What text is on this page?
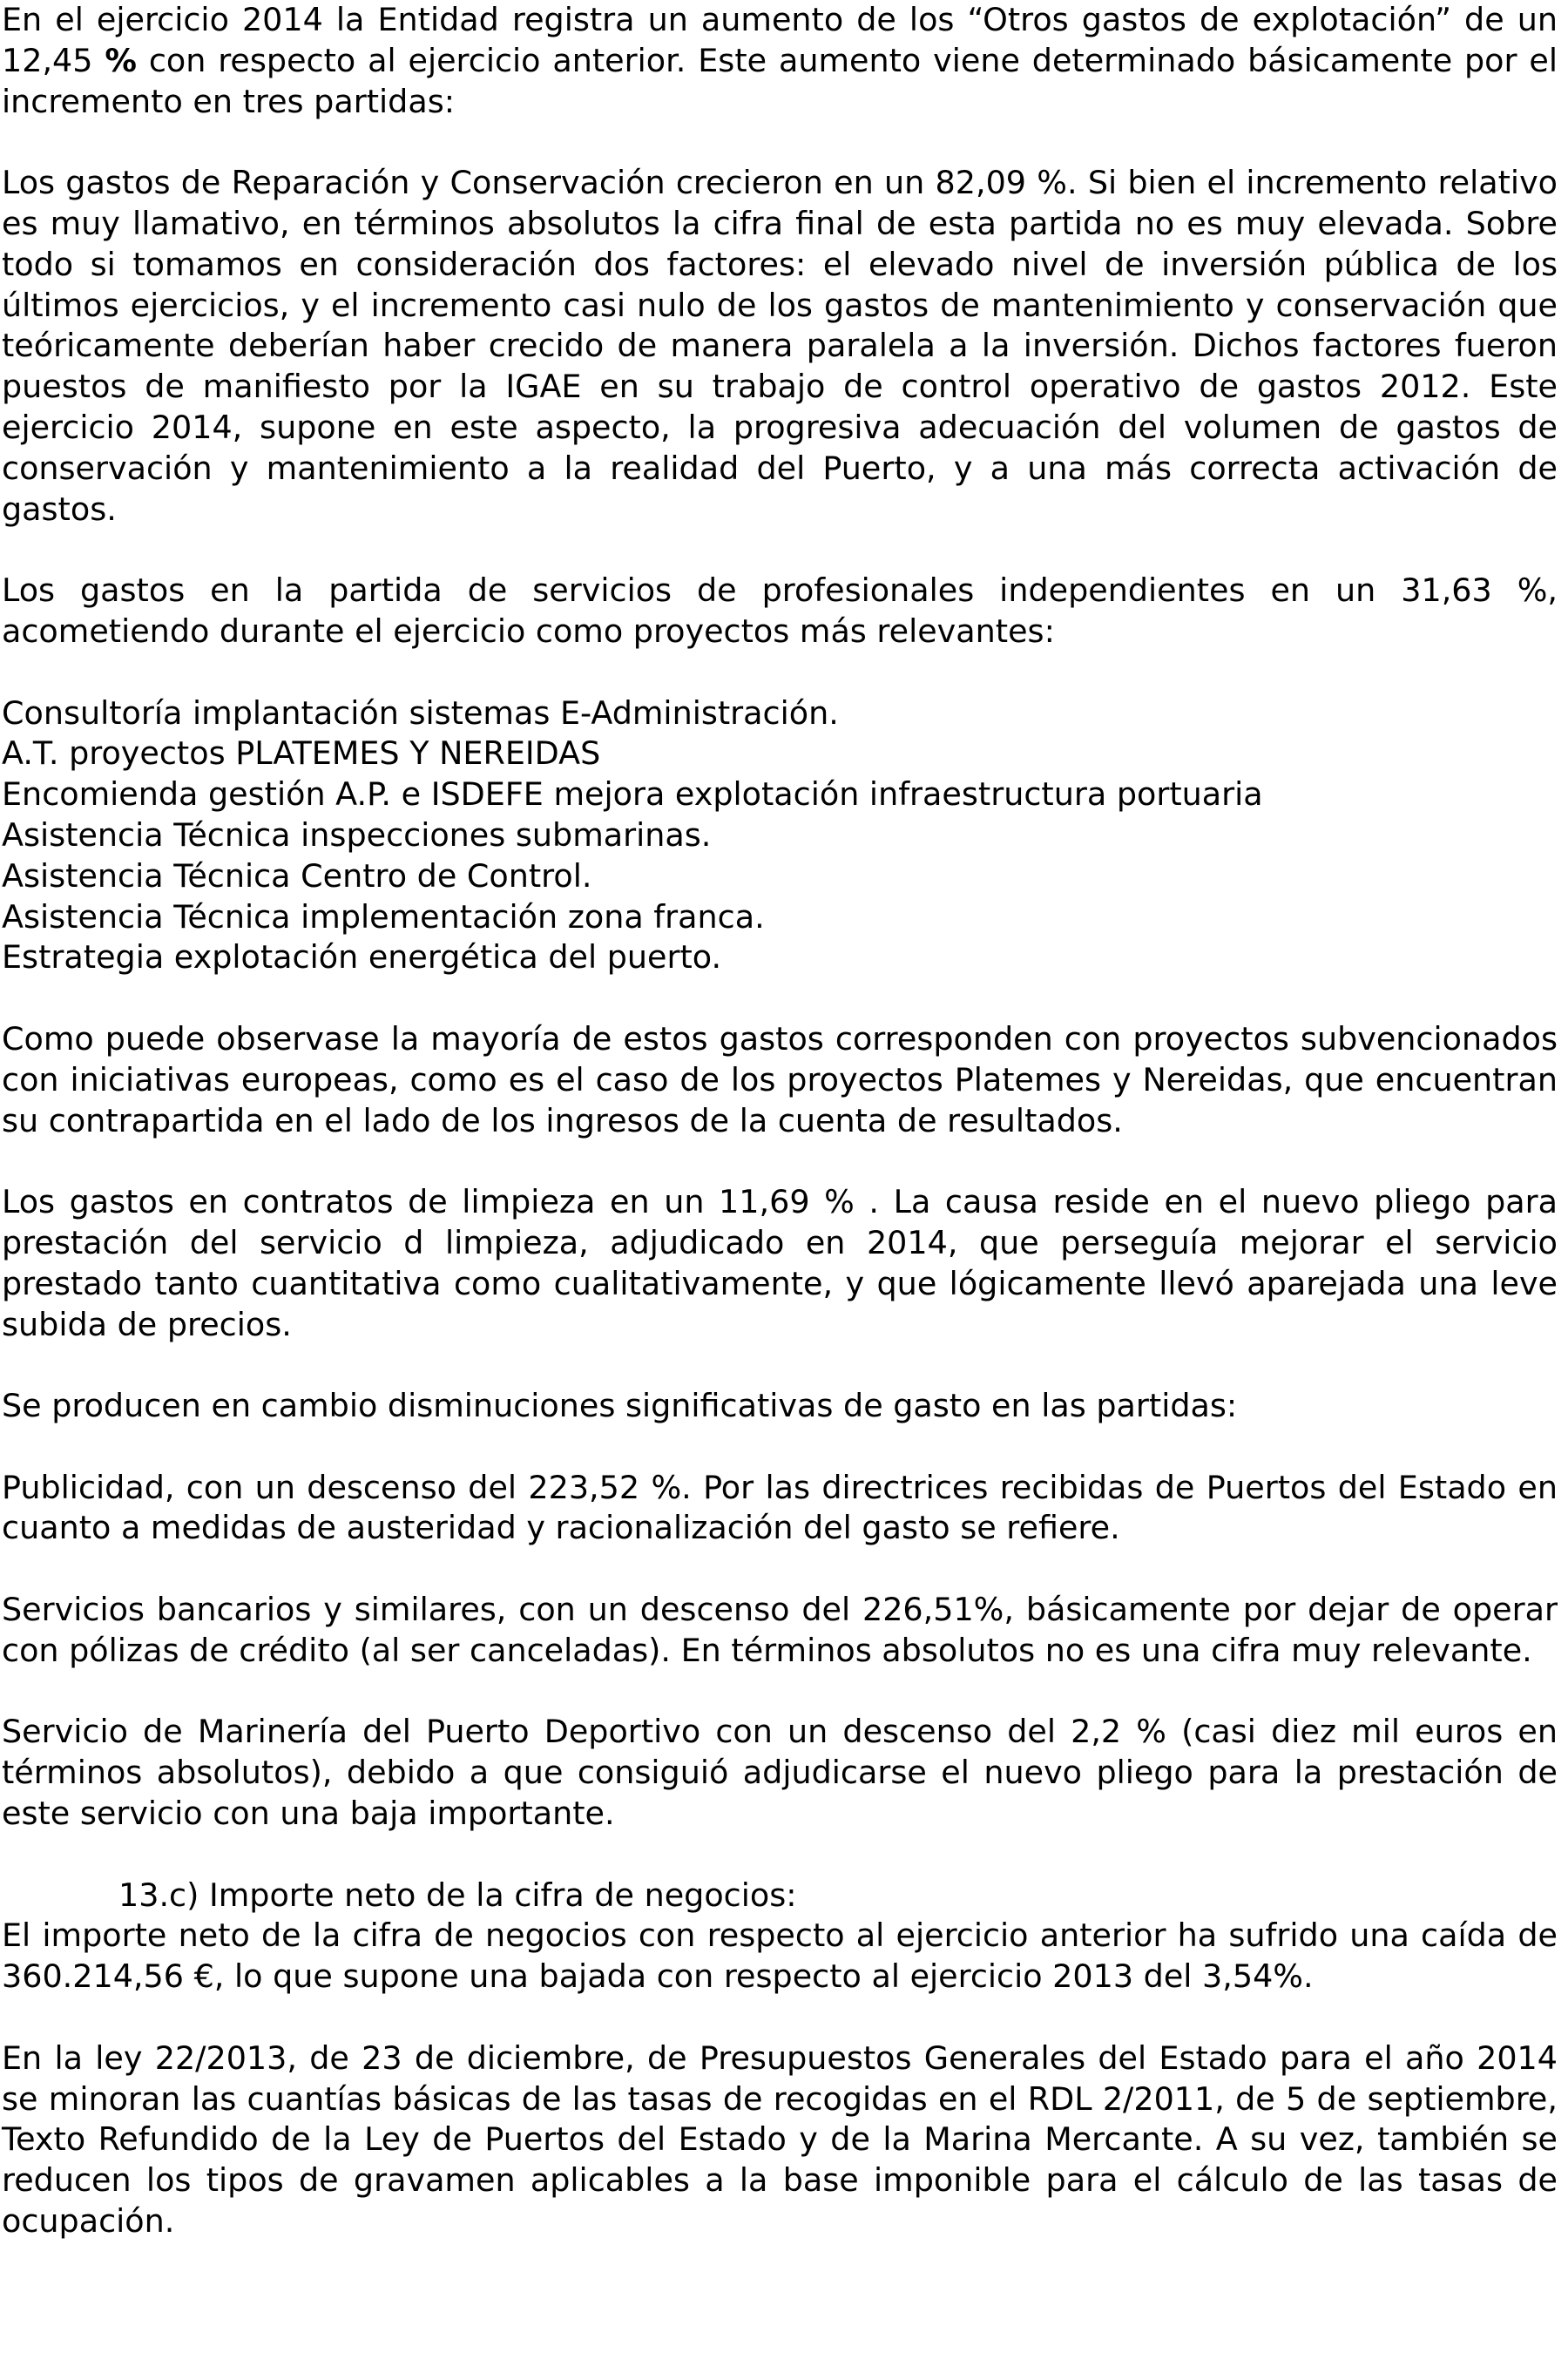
En el ejercicio 2014 la Entidad registra un aumento de los “Otros gastos de explotación” de un 12,45 % con respecto al ejercicio anterior. Este aumento viene determinado básicamente por el incremento en tres partidas:

Los gastos de Reparación y Conservación crecieron en un 82,09 %. Si bien el incremento relativo es muy llamativo, en términos absolutos la cifra final de esta partida no es muy elevada. Sobre todo si tomamos en consideración dos factores: el elevado nivel de inversión pública de los últimos ejercicios, y el incremento casi nulo de los gastos de mantenimiento y conservación que teóricamente deberían haber crecido de manera paralela a la inversión. Dichos factores fueron puestos de manifiesto por la IGAE en su trabajo de control operativo de gastos 2012. Este ejercicio 2014, supone en este aspecto, la progresiva adecuación del volumen de gastos de conservación y mantenimiento a la realidad del Puerto, y a una más correcta activación de gastos.

Los gastos en la partida de servicios de profesionales independientes en un 31,63 %, acometiendo durante el ejercicio como proyectos más relevantes:

Consultoría implantación sistemas E-Administración.
A.T. proyectos PLATEMES Y NEREIDAS
Encomienda gestión A.P. e ISDEFE mejora explotación infraestructura portuaria
Asistencia Técnica inspecciones submarinas.
Asistencia Técnica Centro de Control.
Asistencia Técnica implementación zona franca.
Estrategia explotación energética del puerto.

Como puede observase la mayoría de estos gastos corresponden con proyectos subvencionados con iniciativas europeas, como es el caso de los proyectos Platemes y Nereidas, que encuentran su contrapartida en el lado de los ingresos de la cuenta de resultados.

Los gastos en contratos de limpieza en un 11,69 % . La causa reside en el nuevo pliego para prestación del servicio d limpieza, adjudicado en 2014, que perseguía mejorar el servicio prestado tanto cuantitativa como cualitativamente, y que lógicamente llevó aparejada una leve subida de precios.

Se producen en cambio disminuciones significativas de gasto en las partidas:

Publicidad, con un descenso del 223,52 %. Por las directrices recibidas de Puertos del Estado en cuanto a medidas de austeridad y racionalización del gasto se refiere.

Servicios bancarios y similares, con un descenso del 226,51%, básicamente por dejar de operar con pólizas de crédito (al ser canceladas). En términos absolutos no es una cifra muy relevante.

Servicio de Marinería del Puerto Deportivo con un descenso del 2,2 % (casi diez mil euros en términos absolutos), debido a que consiguió adjudicarse el nuevo pliego para la prestación de este servicio con una baja importante.

13.c) Importe neto de la cifra de negocios:

El importe neto de la cifra de negocios con respecto al ejercicio anterior ha sufrido una caída de 360.214,56 €, lo que supone una bajada con respecto al ejercicio 2013 del 3,54%.

En la ley 22/2013, de 23 de diciembre, de Presupuestos Generales del Estado para el año 2014 se minoran las cuantías básicas de las tasas de recogidas en el RDL 2/2011, de 5 de septiembre, Texto Refundido de la Ley de Puertos del Estado y de la Marina Mercante. A su vez, también se reducen los tipos de gravamen aplicables a la base imponible para el cálculo de las tasas de ocupación.
